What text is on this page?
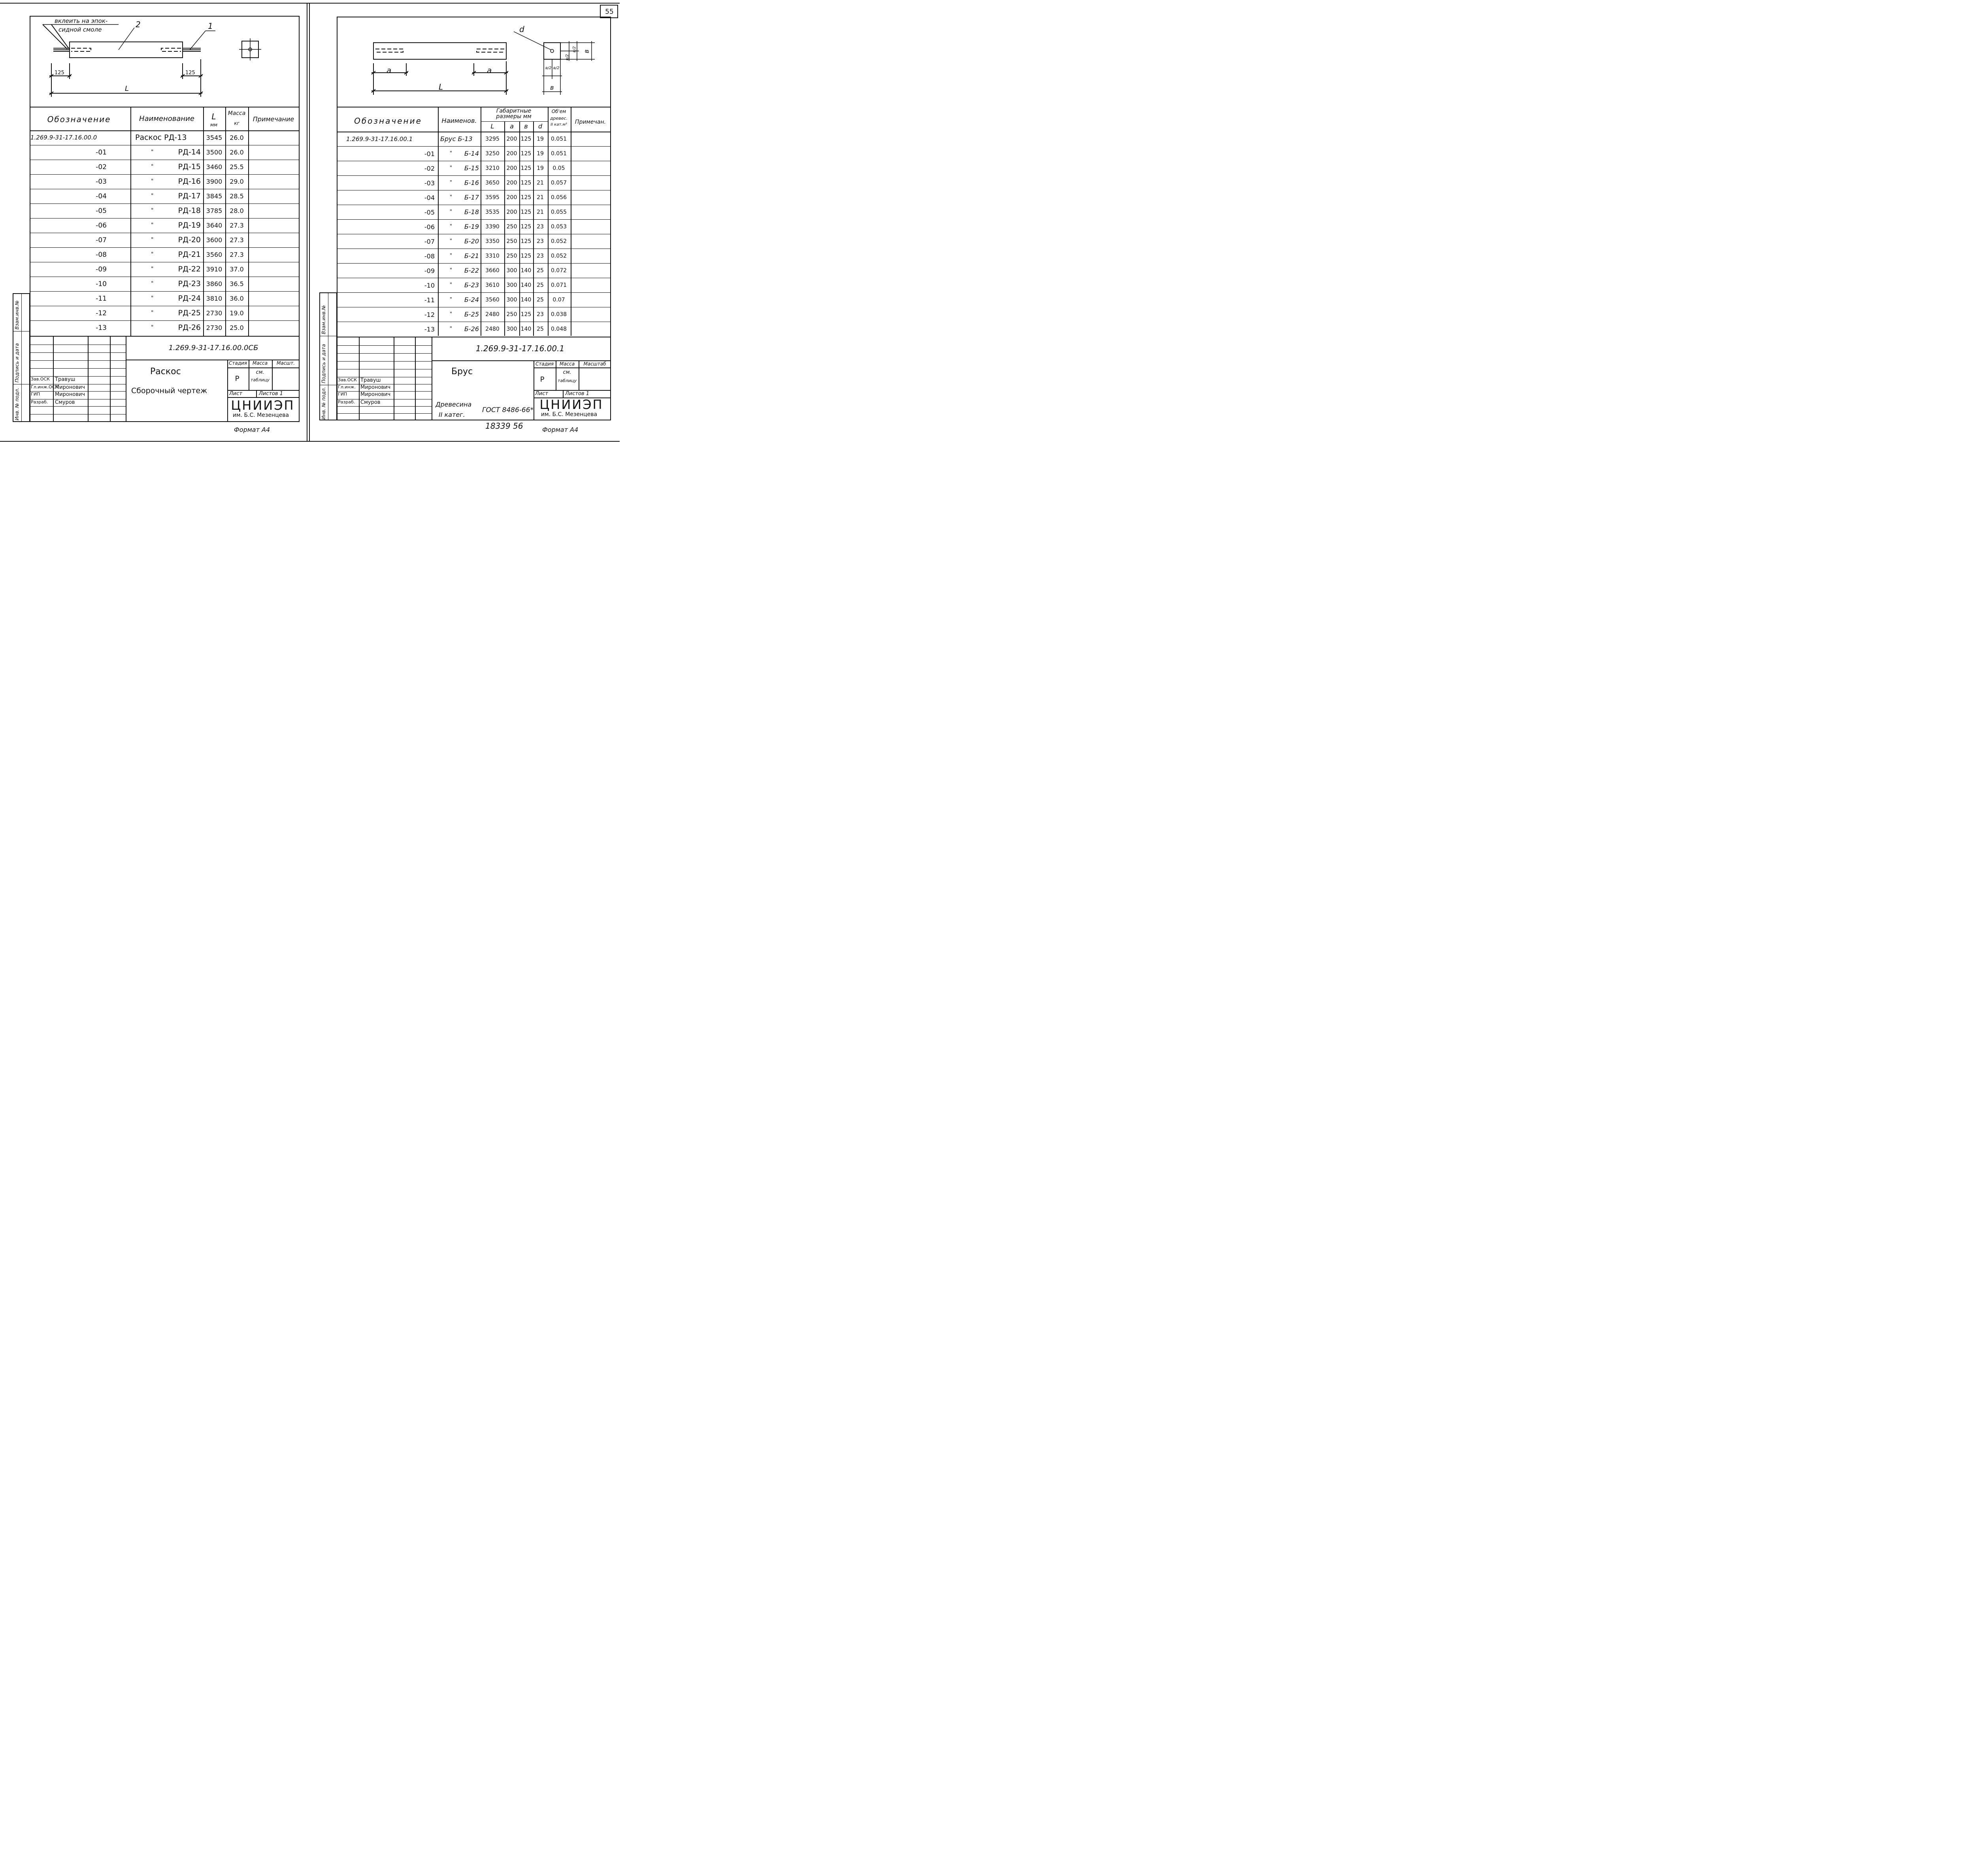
55
вклеить на эпок-
сидной смоле
2	1
125	125
L
Обозначение	Наименование L
мм
Масса
кг
Примечание
1.269.9-31-17.16.00.0	Раскос РД-13	3545 26.0
-01	"	РД-14 3500 26.0
-02	"	РД-15 3460 25.5
-03	"	РД-16 3900 29.0
-04	"	РД-17 3845 28.5
-05	"	РД-18 3785 28.0
-06	"	РД-19 3640 27.3
-07	"	РД-20 3600 27.3
-08	"	РД-21 3560 27.3
-09	"	РД-22 3910 37.0
-10	"	РД-23 3860 36.5
-11	"	РД-24 3810 36.0
-12	"	РД-25 2730 19.0
-13	"	РД-26 2730 25.0
Взам.инв.№
Подпись и дата
Инв. № подл.
Зав.ОСК Травуш
Гл.инж.ОСК
Миронович
ГИП	Миронович
Разраб. Смуров
1.269.9-31-17.16.00.0СБ
Раскос
Сборочный чертеж
Стадия Масса Масшт.
Р
см.
таблицу
Лист	Листов 1
ЦНИИЭП
им. Б.С. Мезенцева
Формат А4
d
a	a
L
в
в/2
в/2
в/2 в/2
в
Обозначение	Наименов.
Габаритные размеры мм
L a в d
Об'ем
древес.
II кат.м³ Примечан.
1.269.9-31-17.16.00.1	Брус Б-13 3295 200 125 19 0.051
-01	" Б-14 3250 200 125 19 0.051
-02	" Б-15 3210 200 125 19 0.05
-03	" Б-16 3650 200 125 21 0.057
-04	" Б-17 3595 200 125 21 0.056
-05	" Б-18 3535 200 125 21 0.055
-06	" Б-19 3390 250 125 23 0.053
-07	" Б-20 3350 250 125 23 0.052
-08	" Б-21 3310 250 125 23 0.052
-09	" Б-22 3660 300 140 25 0.072
-10	" Б-23 3610 300 140 25 0.071
-11	" Б-24 3560 300 140 25 0.07
-12	" Б-25 2480 250 125 23 0.038
-13	" Б-26 2480 300 140 25 0.048
Взам.инв.№
Подпись и дата
Инв. № подл.
Зав.ОСК Травуш
Гл.инж. Миронович
ГИП	Миронович
Разраб. Смуров
1.269.9-31-17.16.00.1
Брус
Древесина
II катег.
ГОСТ 8486-66*
Стадия Масса Масштаб
Р
см.
таблицу
Лист	Листов 1
ЦНИИЭП
им. Б.С. Мезенцева
18339 56	Формат А4
